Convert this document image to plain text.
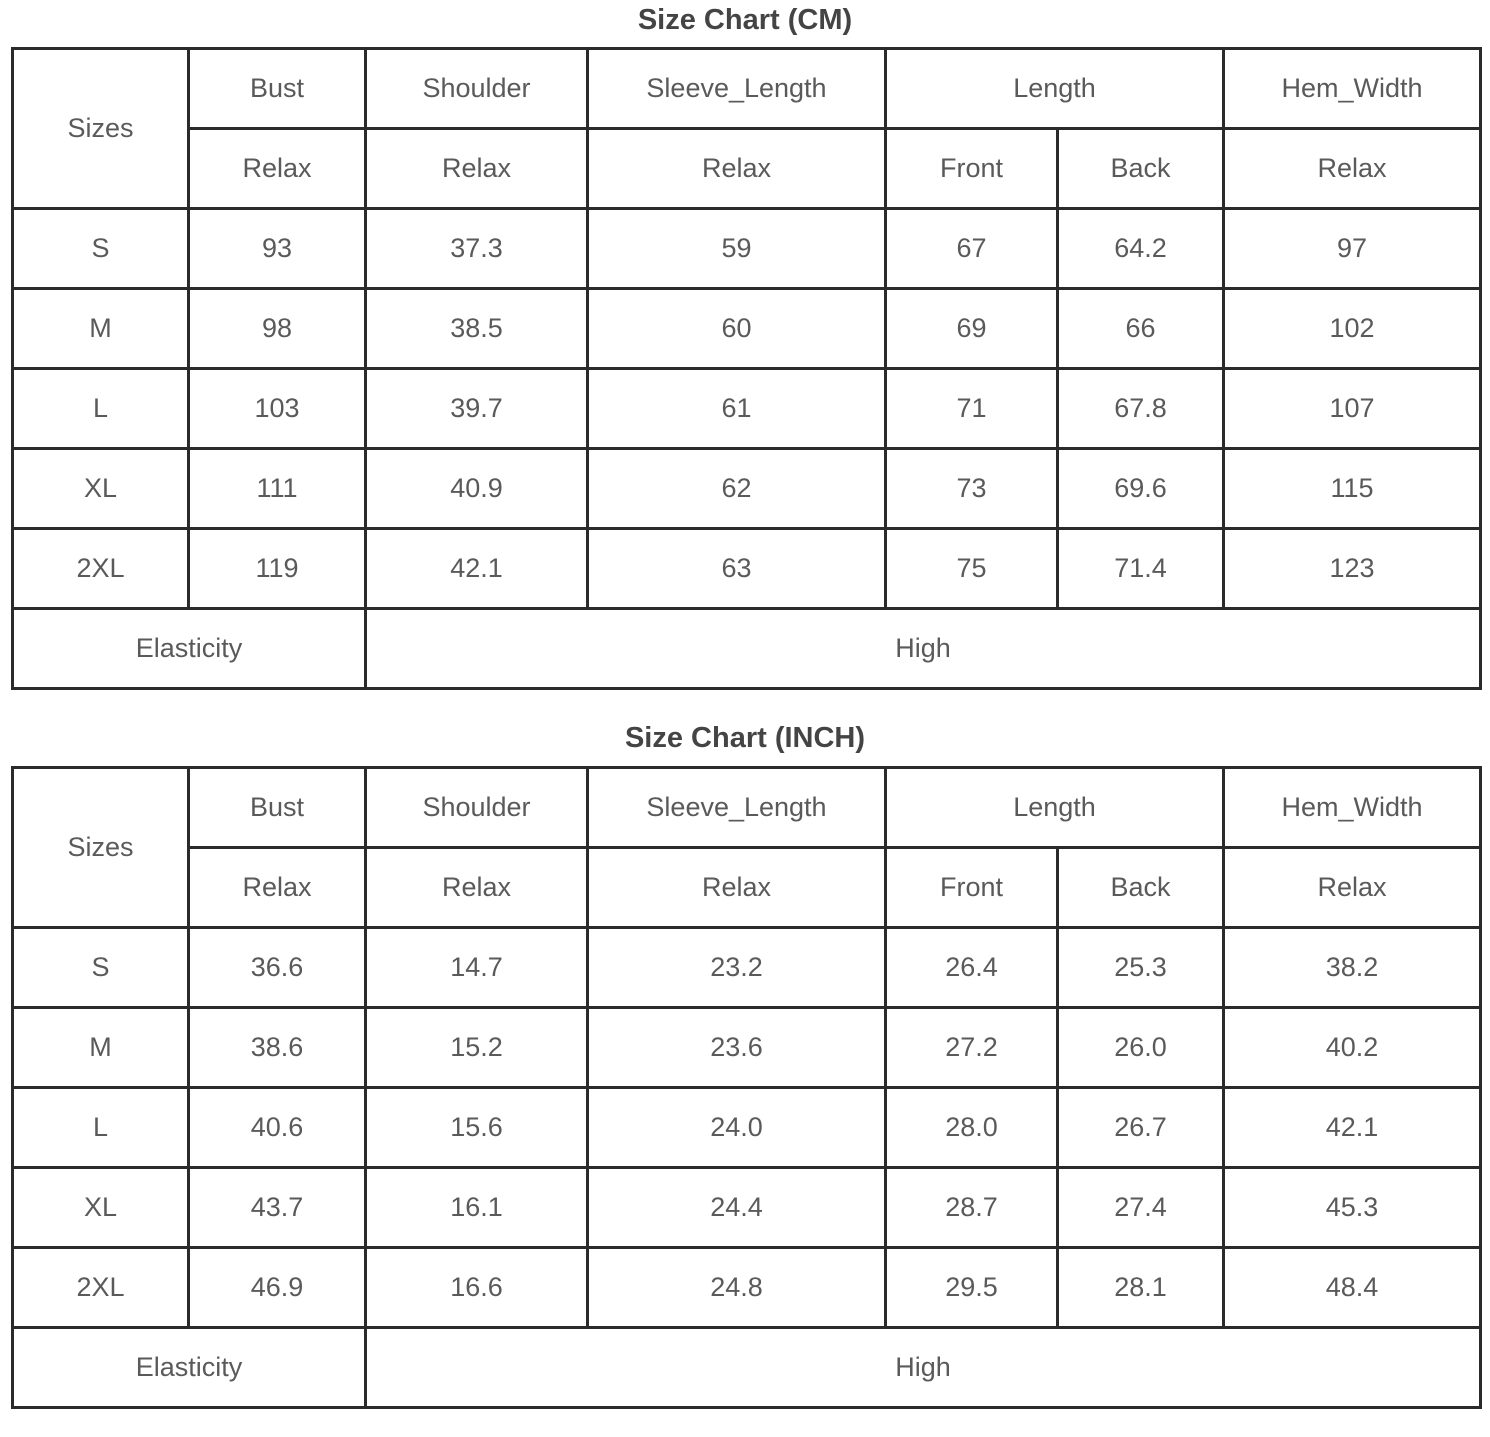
Size Chart (CM)
Sizes	Bust	Shoulder	Sleeve_Length	Length		Hem_Width
	Relax	Relax	Relax	Front	Back	Relax
S	93	37.3	59	67	64.2	97
M	98	38.5	60	69	66	102
L	103	39.7	61	71	67.8	107
XL	111	40.9	62	73	69.6	115
2XL	119	42.1	63	75	71.4	123
Elasticity		High				
Size Chart (INCH)
Sizes	Bust	Shoulder	Sleeve_Length	Length		Hem_Width
	Relax	Relax	Relax	Front	Back	Relax
S	36.6	14.7	23.2	26.4	25.3	38.2
M	38.6	15.2	23.6	27.2	26.0	40.2
L	40.6	15.6	24.0	28.0	26.7	42.1
XL	43.7	16.1	24.4	28.7	27.4	45.3
2XL	46.9	16.6	24.8	29.5	28.1	48.4
Elasticity		High				
